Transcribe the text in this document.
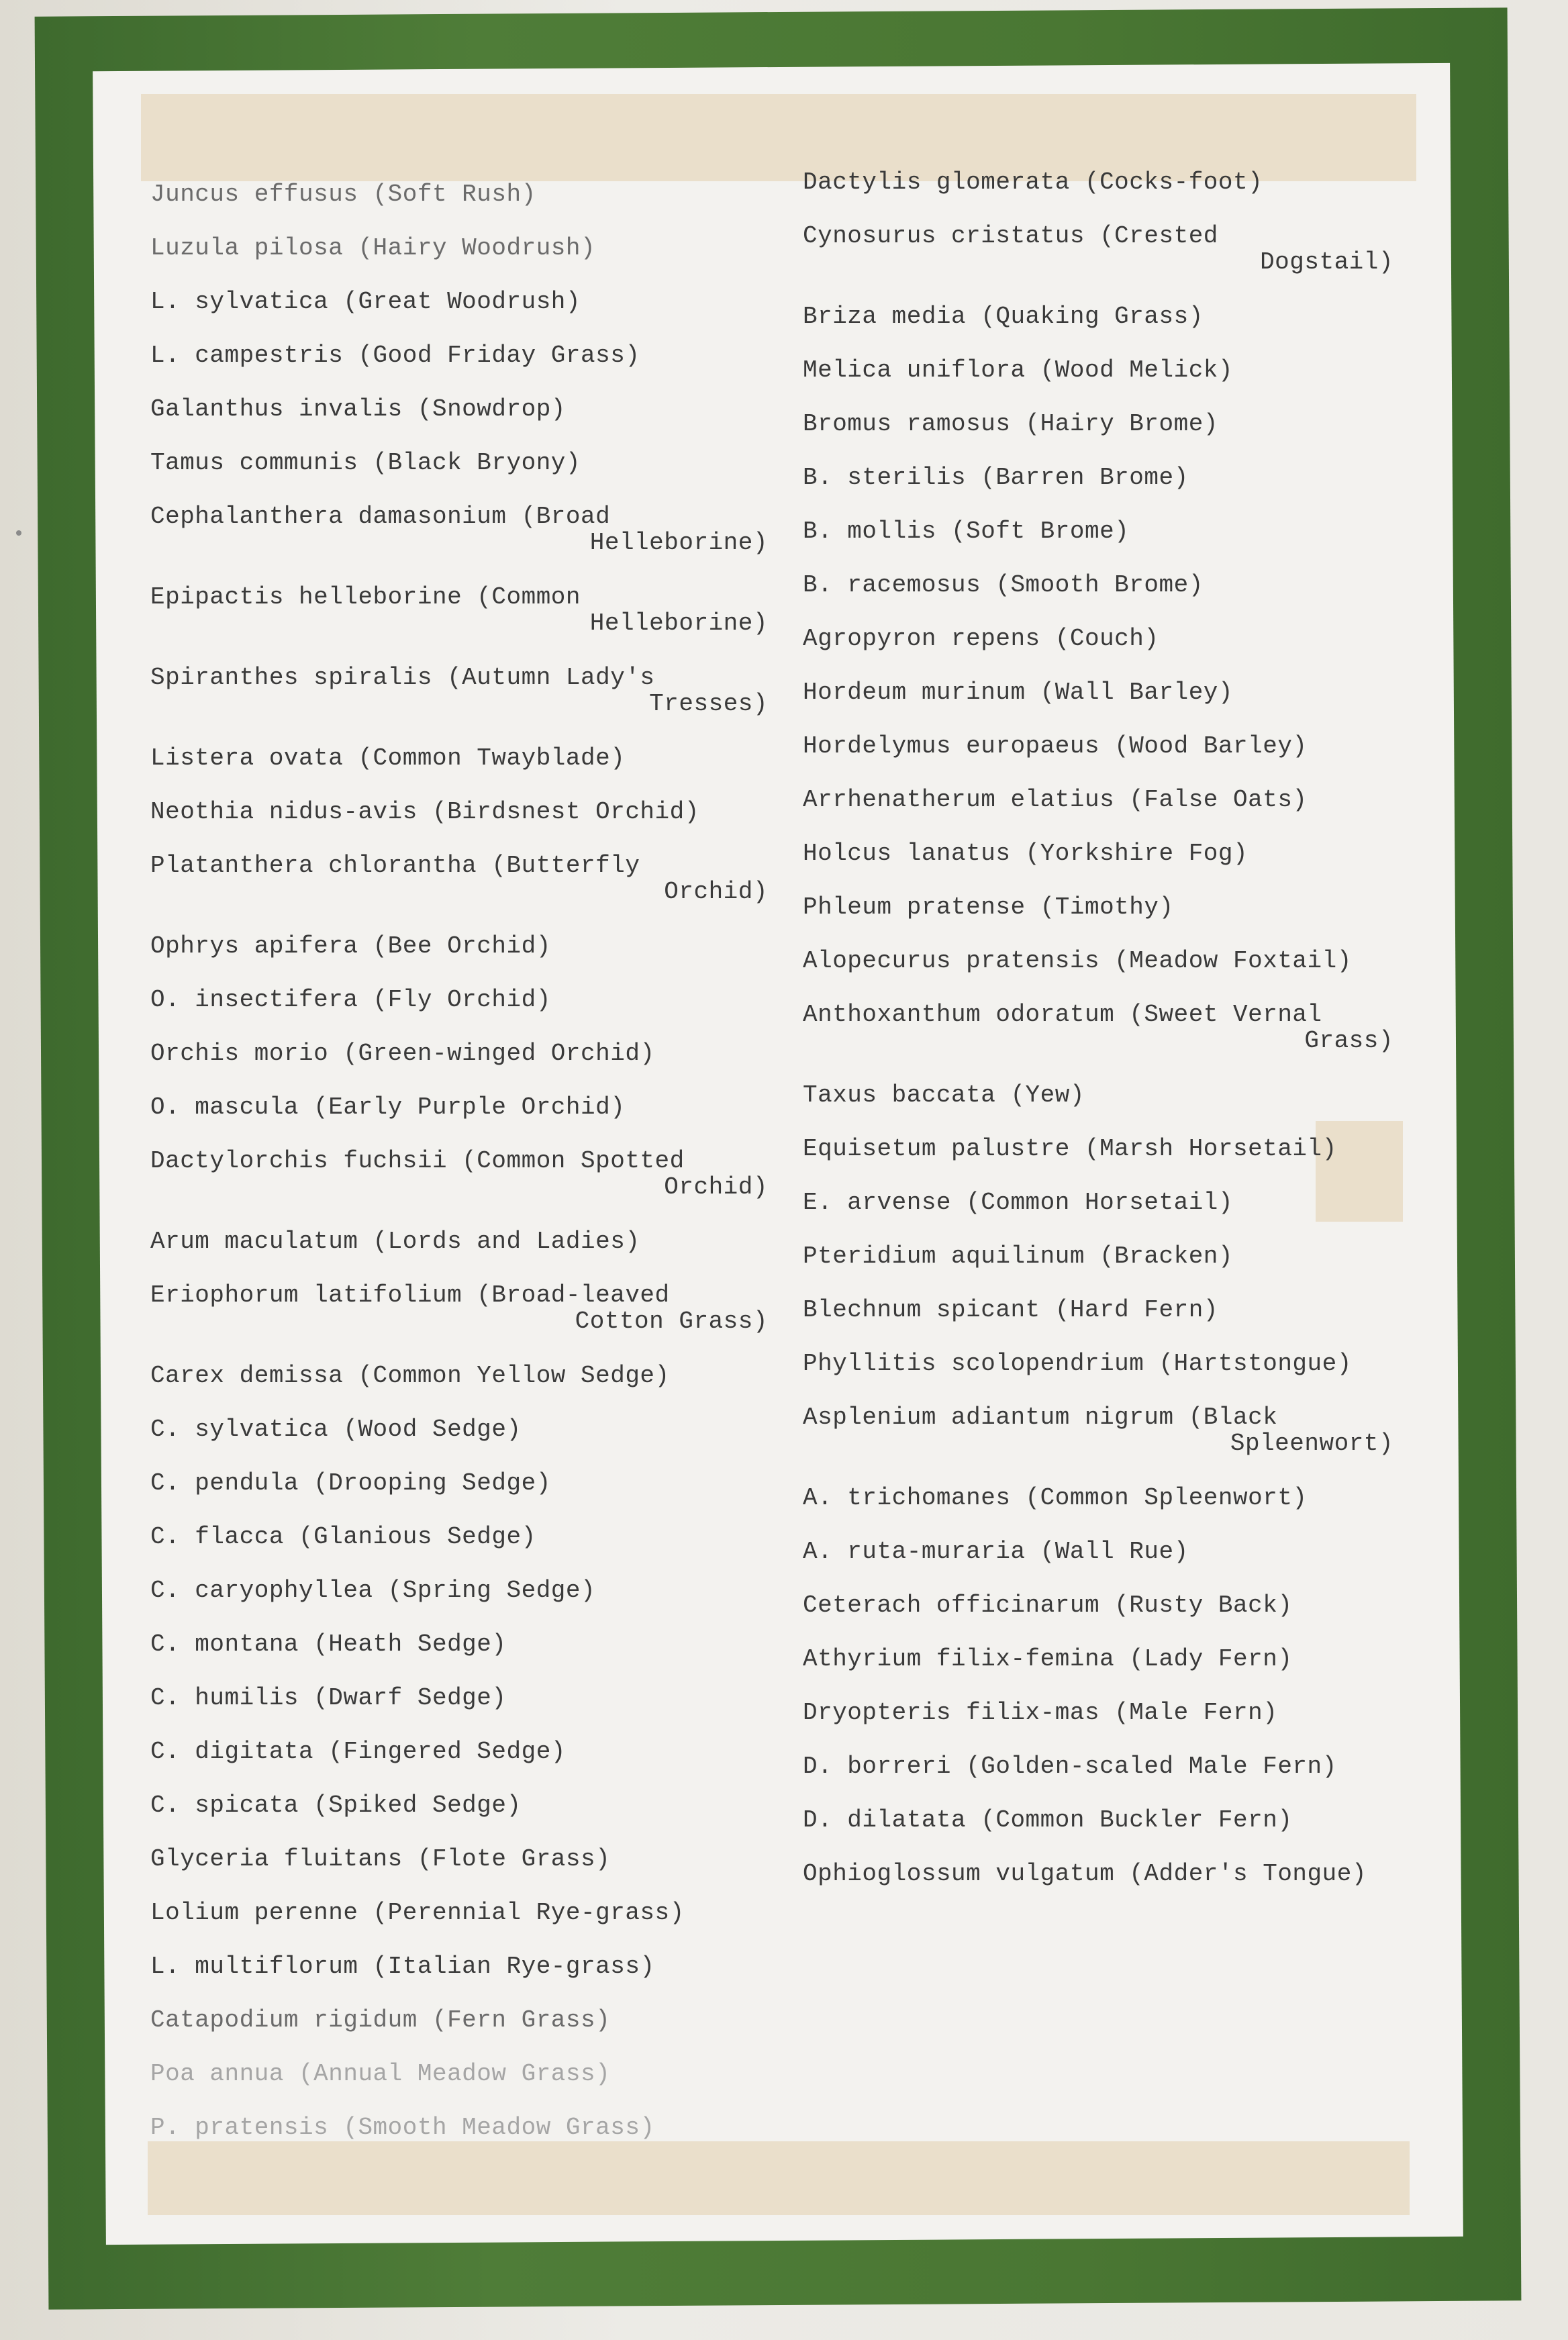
Juncus effusus (Soft Rush)
Luzula pilosa (Hairy Woodrush)
L. sylvatica (Great Woodrush)
L. campestris (Good Friday Grass)
Galanthus invalis (Snowdrop)
Tamus communis (Black Bryony)
Cephalanthera damasonium (Broad
Helleborine)
Epipactis helleborine (Common
Helleborine)
Spiranthes spiralis (Autumn Lady's
Tresses)
Listera ovata (Common Twayblade)
Neothia nidus-avis (Birdsnest Orchid)
Platanthera chlorantha (Butterfly
Orchid)
Ophrys apifera (Bee Orchid)
O. insectifera (Fly Orchid)
Orchis morio (Green-winged Orchid)
O. mascula (Early Purple Orchid)
Dactylorchis fuchsii (Common Spotted
Orchid)
Arum maculatum (Lords and Ladies)
Eriophorum latifolium (Broad-leaved
Cotton Grass)
Carex demissa (Common Yellow Sedge)
C. sylvatica (Wood Sedge)
C. pendula (Drooping Sedge)
C. flacca (Glanious Sedge)
C. caryophyllea (Spring Sedge)
C. montana (Heath Sedge)
C. humilis (Dwarf Sedge)
C. digitata (Fingered Sedge)
C. spicata (Spiked Sedge)
Glyceria fluitans (Flote Grass)
Lolium perenne (Perennial Rye-grass)
L. multiflorum (Italian Rye-grass)
Catapodium rigidum (Fern Grass)
Poa annua (Annual Meadow Grass)
P. pratensis (Smooth Meadow Grass)
Dactylis glomerata (Cocks-foot)
Cynosurus cristatus (Crested
Dogstail)
Briza media (Quaking Grass)
Melica uniflora (Wood Melick)
Bromus ramosus (Hairy Brome)
B. sterilis (Barren Brome)
B. mollis (Soft Brome)
B. racemosus (Smooth Brome)
Agropyron repens (Couch)
Hordeum murinum (Wall Barley)
Hordelymus europaeus (Wood Barley)
Arrhenatherum elatius (False Oats)
Holcus lanatus (Yorkshire Fog)
Phleum pratense (Timothy)
Alopecurus pratensis (Meadow Foxtail)
Anthoxanthum odoratum (Sweet Vernal
Grass)
Taxus baccata (Yew)
Equisetum palustre (Marsh Horsetail)
E. arvense (Common Horsetail)
Pteridium aquilinum (Bracken)
Blechnum spicant (Hard Fern)
Phyllitis scolopendrium (Hartstongue)
Asplenium adiantum nigrum (Black
Spleenwort)
A. trichomanes (Common Spleenwort)
A. ruta-muraria (Wall Rue)
Ceterach officinarum (Rusty Back)
Athyrium filix-femina (Lady Fern)
Dryopteris filix-mas (Male Fern)
D. borreri (Golden-scaled Male Fern)
D. dilatata (Common Buckler Fern)
Ophioglossum vulgatum (Adder's Tongue)
